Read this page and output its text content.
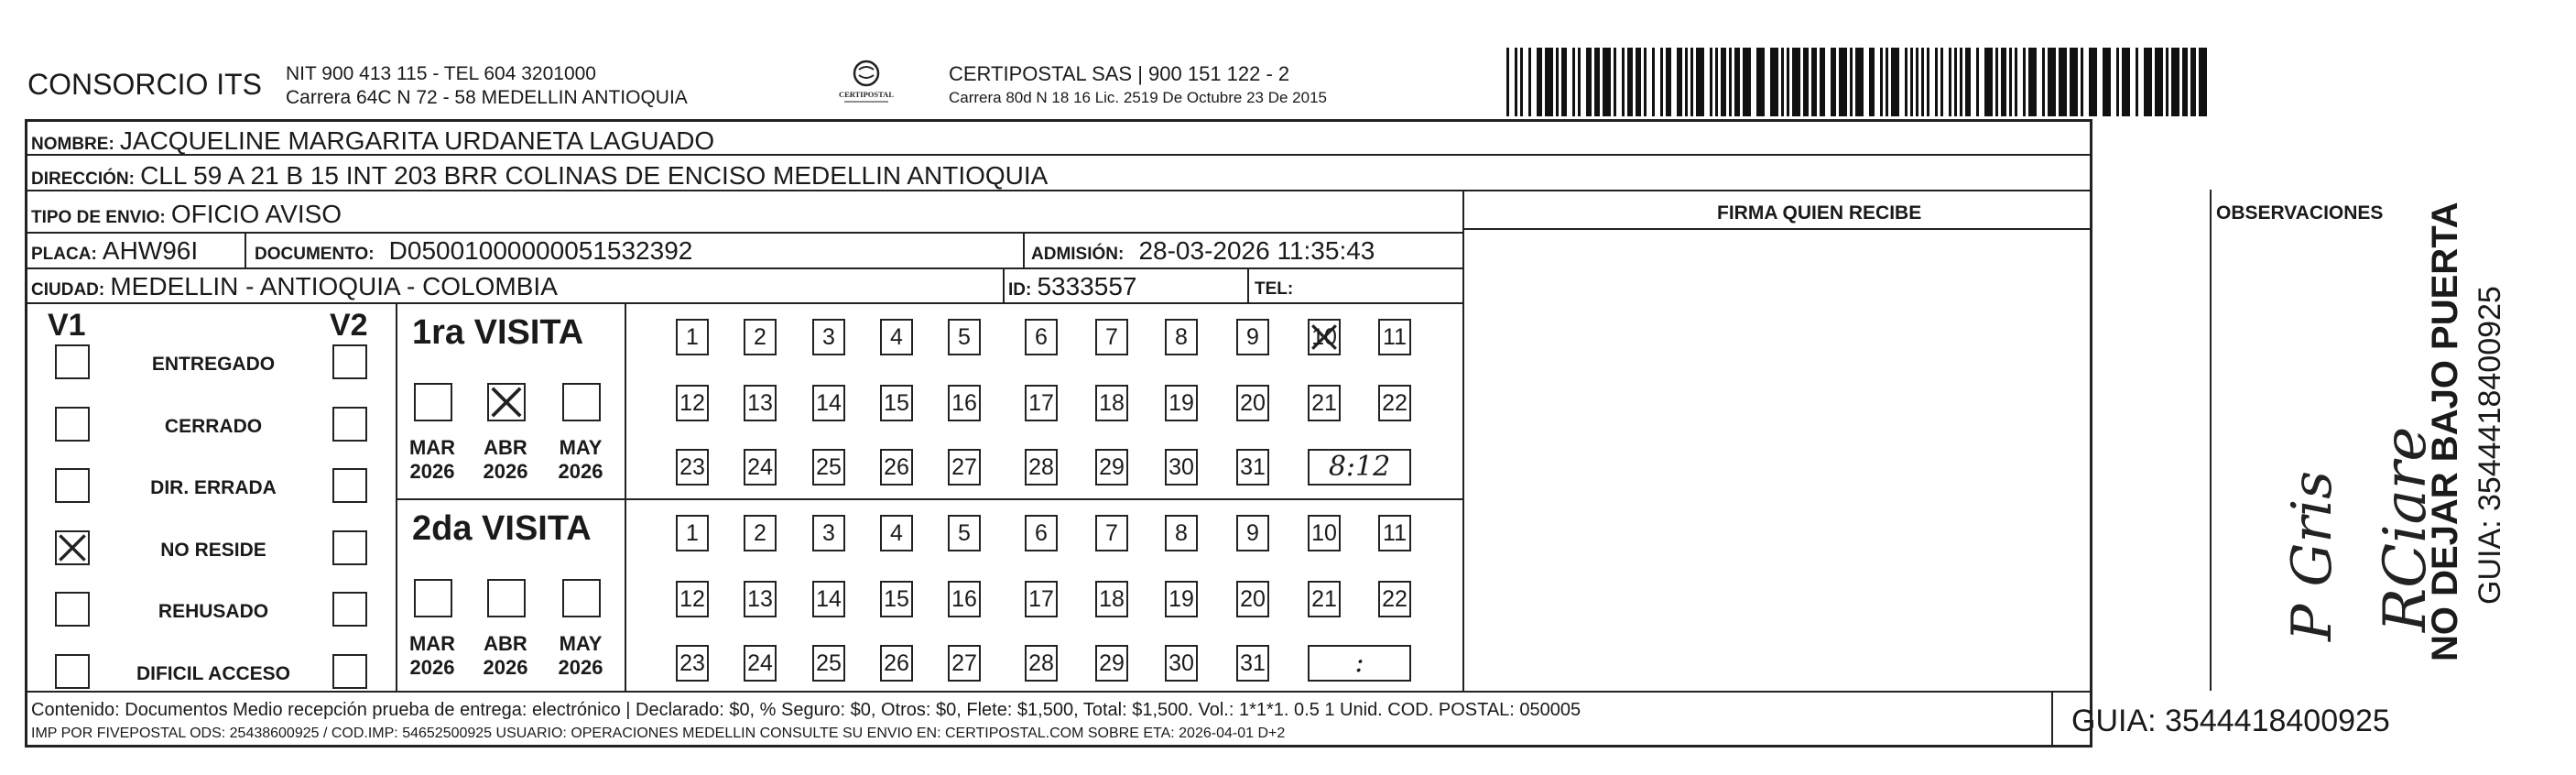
CONSORCIO ITS NIT 900 413 115 - TEL 604 3201000
Carrera 64C N 72 - 58 MEDELLIN ANTIOQUIA	CERTIPOSTAL
CERTIPOSTAL SAS | 900 151 122 - 2
Carrera 80d N 18 16 Lic. 2519 De Octubre 23 De 2015
NOMBRE: JACQUELINE MARGARITA URDANETA LAGUADO
DIRECCIÓN: CLL 59 A 21 B 15 INT 203 BRR COLINAS DE ENCISO MEDELLIN ANTIOQUIA
TIPO DE ENVIO: OFICIO AVISO	FIRMA QUIEN RECIBE	OBSERVACIONES
PLACA: AHW96I	DOCUMENTO: D05001000000051532392	ADMISIÓN: 28-03-2026 11:35:43
CIUDAD: MEDELLIN - ANTIOQUIA - COLOMBIA	ID: 5333557	TEL:
V1	V2 1ra VISITA
2da VISITA	P Gris RCiare
Contenido: Documentos Medio recepción prueba de entrega: electrónico | Declarado: $0, % Seguro: $0, Otros: $0, Flete: $1,500, Total: $1,500. Vol.: 1*1*1. 0.5 1 Unid. COD. POSTAL: 050005
IMP POR FIVEPOSTAL ODS: 25438600925 / COD.IMP: 54652500925 USUARIO: OPERACIONES MEDELLIN CONSULTE SU ENVIO EN: CERTIPOSTAL.COM SOBRE ETA: 2026-04-01 D+2	GUIA: 3544418400925
NO DEJAR BAJO PUERTA GUIA: 3544418400925
ENTREGADO
CERRADO
DIR. ERRADA
NO RESIDE
REHUSADO
DIFICIL ACCESO
MAR
2026
ABR
2026
MAY
2026
MAR
2026
ABR
2026
MAY
2026
1	2	3	4	5	6	7	8	9	10 11
12 13 14 15 16 17 18 19 20 21 22
23 24 25 26 27 28 29 30 31	8:12
1	2	3	4	5	6	7	8	9	10 11
12 13 14 15 16 17 18 19 20 21 22
23 24 25 26 27 28 29 30 31	:
